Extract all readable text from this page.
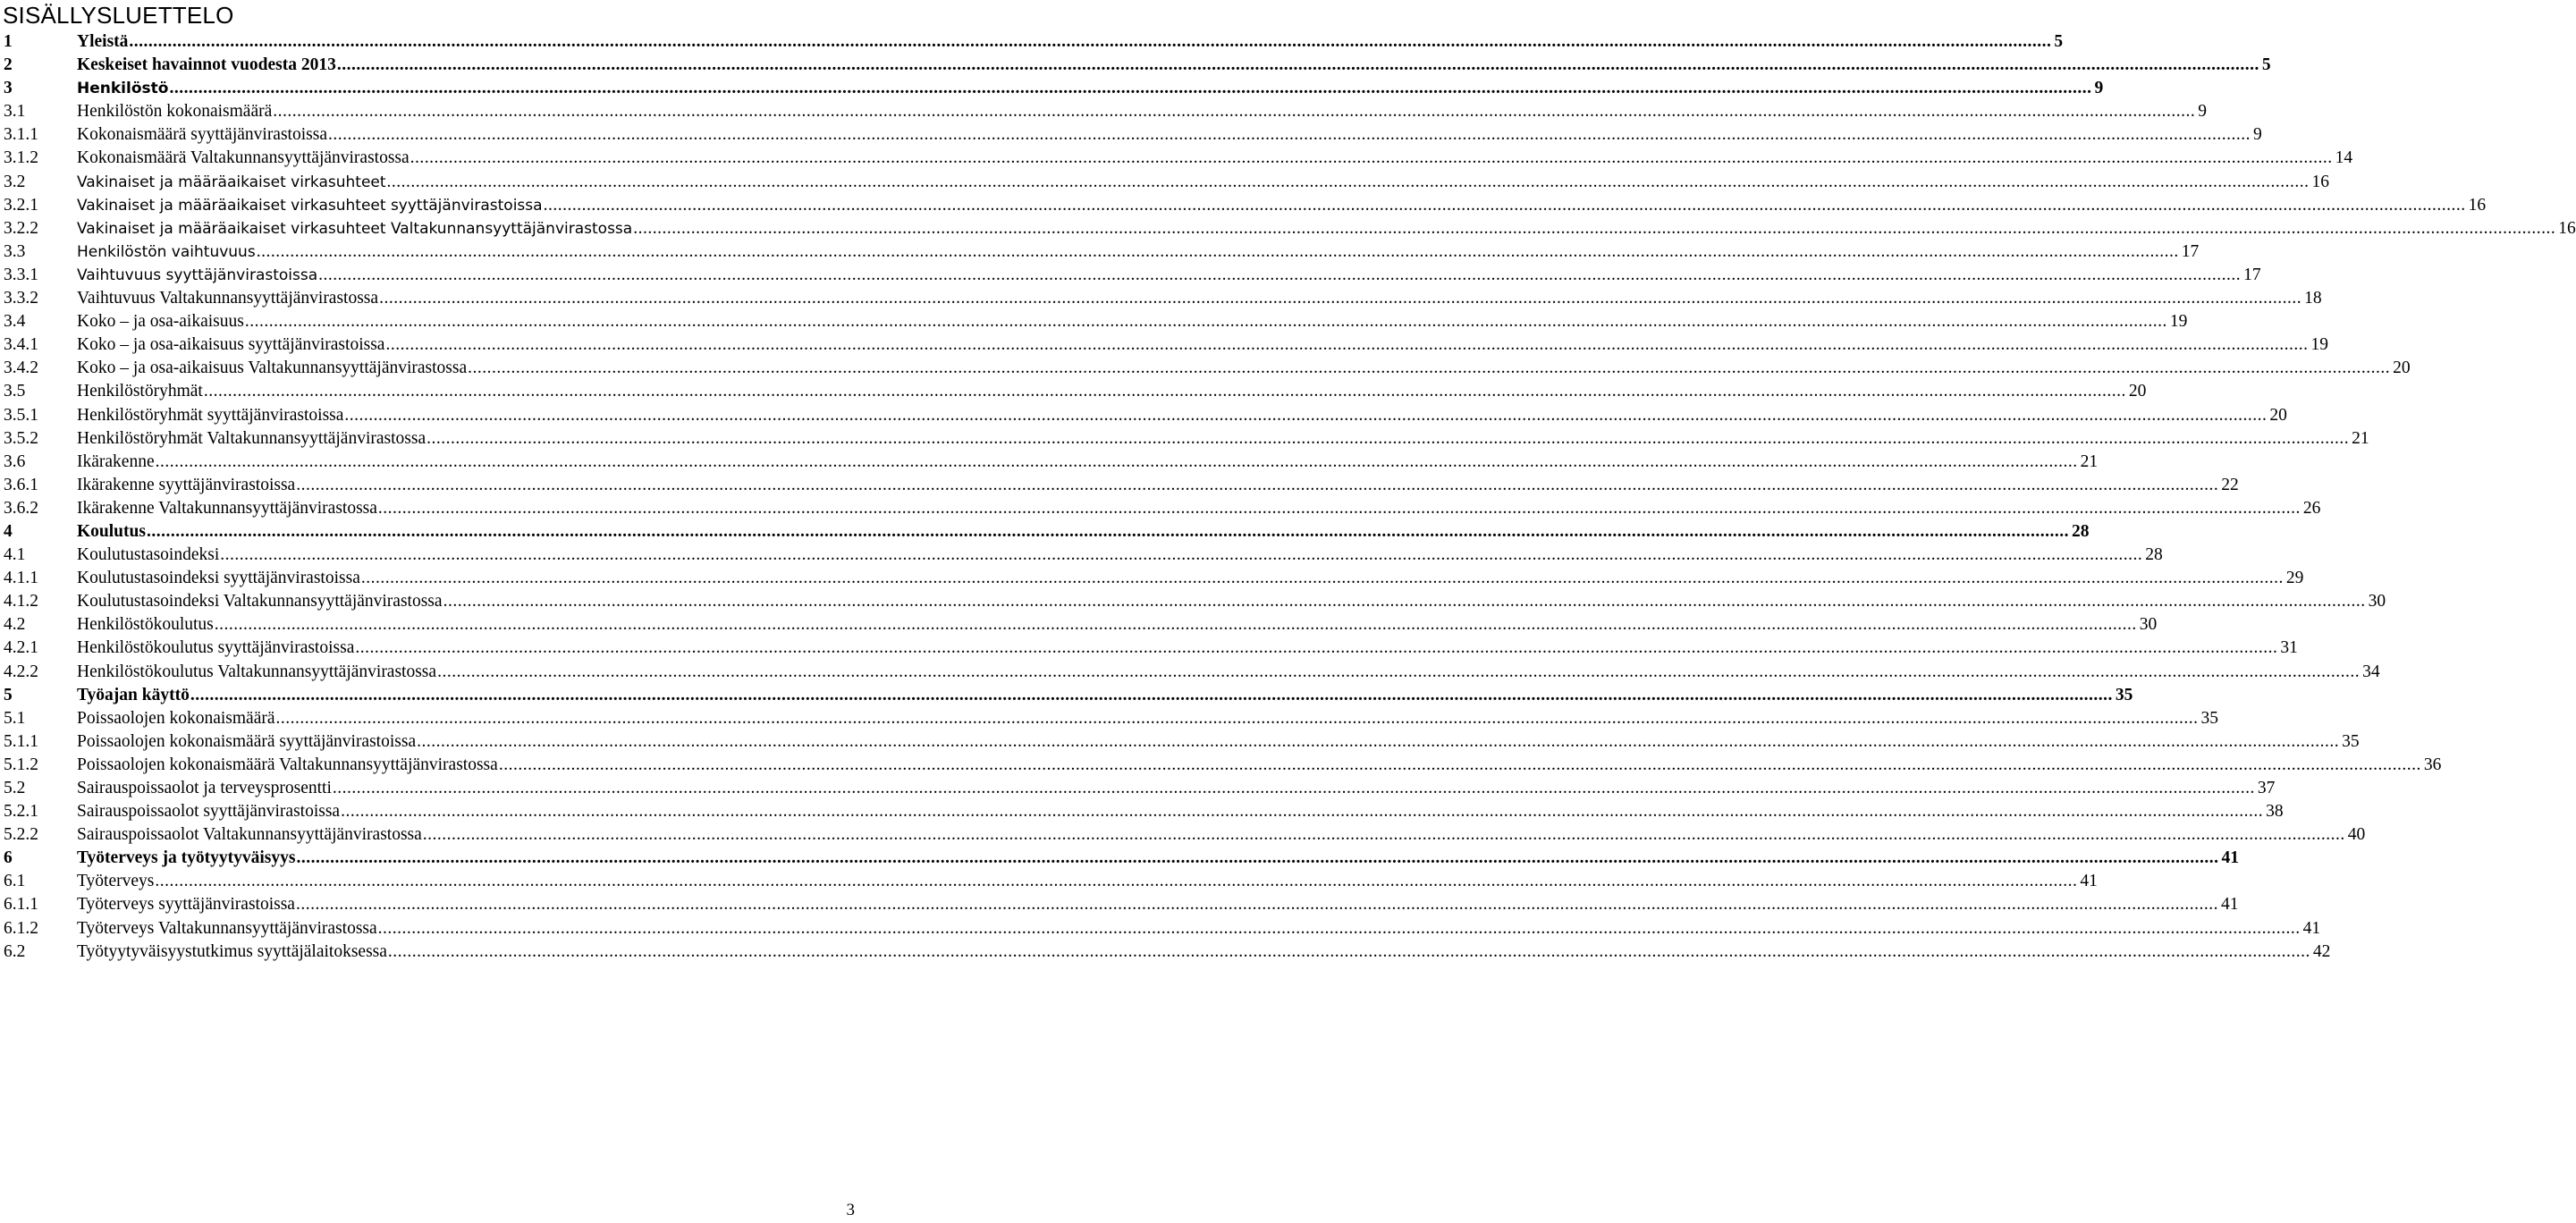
SISÄLLYSLUETTELO
1	Yleistä ................................................................................................................................................................................................................................................................................................................................................................................................................ 5
2	Keskeiset havainnot vuodesta 2013 ................................................................................................................................................................................................................................................................................................................................................................................................................ 5
3	Henkilöstö ................................................................................................................................................................................................................................................................................................................................................................................................................ 9
3.1	Henkilöstön kokonaismäärä ................................................................................................................................................................................................................................................................................................................................................................................................................ 9
3.1.1 Kokonaismäärä syyttäjänvirastoissa ................................................................................................................................................................................................................................................................................................................................................................................................................ 9
3.1.2 Kokonaismäärä Valtakunnansyyttäjänvirastossa ................................................................................................................................................................................................................................................................................................................................................................................................................ 14
3.2	Vakinaiset ja määräaikaiset virkasuhteet ................................................................................................................................................................................................................................................................................................................................................................................................................ 16
3.2.1	Vakinaiset ja määräaikaiset virkasuhteet syyttäjänvirastoissa ................................................................................................................................................................................................................................................................................................................................................................................................................ 16
3.2.2	Vakinaiset ja määräaikaiset virkasuhteet Valtakunnansyyttäjänvirastossa ................................................................................................................................................................................................................................................................................................................................................................................................................ 16
3.3	Henkilöstön vaihtuvuus ................................................................................................................................................................................................................................................................................................................................................................................................................ 17
3.3.1	Vaihtuvuus syyttäjänvirastoissa ................................................................................................................................................................................................................................................................................................................................................................................................................ 17
3.3.2 Vaihtuvuus Valtakunnansyyttäjänvirastossa ................................................................................................................................................................................................................................................................................................................................................................................................................ 18
3.4	Koko – ja osa-aikaisuus ................................................................................................................................................................................................................................................................................................................................................................................................................ 19
3.4.1 Koko – ja osa-aikaisuus syyttäjänvirastoissa ................................................................................................................................................................................................................................................................................................................................................................................................................ 19
3.4.2 Koko – ja osa-aikaisuus Valtakunnansyyttäjänvirastossa ................................................................................................................................................................................................................................................................................................................................................................................................................ 20
3.5	Henkilöstöryhmät ................................................................................................................................................................................................................................................................................................................................................................................................................ 20
3.5.1 Henkilöstöryhmät syyttäjänvirastoissa ................................................................................................................................................................................................................................................................................................................................................................................................................ 20
3.5.2 Henkilöstöryhmät Valtakunnansyyttäjänvirastossa ................................................................................................................................................................................................................................................................................................................................................................................................................ 21
3.6	Ikärakenne ................................................................................................................................................................................................................................................................................................................................................................................................................ 21
3.6.1 Ikärakenne syyttäjänvirastoissa ................................................................................................................................................................................................................................................................................................................................................................................................................ 22
3.6.2 Ikärakenne Valtakunnansyyttäjänvirastossa ................................................................................................................................................................................................................................................................................................................................................................................................................ 26
4	Koulutus ................................................................................................................................................................................................................................................................................................................................................................................................................ 28
4.1	Koulutustasoindeksi ................................................................................................................................................................................................................................................................................................................................................................................................................ 28
4.1.1 Koulutustasoindeksi syyttäjänvirastoissa ................................................................................................................................................................................................................................................................................................................................................................................................................ 29
4.1.2 Koulutustasoindeksi Valtakunnansyyttäjänvirastossa ................................................................................................................................................................................................................................................................................................................................................................................................................ 30
4.2	Henkilöstökoulutus ................................................................................................................................................................................................................................................................................................................................................................................................................ 30
4.2.1 Henkilöstökoulutus syyttäjänvirastoissa ................................................................................................................................................................................................................................................................................................................................................................................................................ 31
4.2.2 Henkilöstökoulutus Valtakunnansyyttäjänvirastossa ................................................................................................................................................................................................................................................................................................................................................................................................................ 34
5	Työajan käyttö ................................................................................................................................................................................................................................................................................................................................................................................................................ 35
5.1	Poissaolojen kokonaismäärä ................................................................................................................................................................................................................................................................................................................................................................................................................ 35
5.1.1 Poissaolojen kokonaismäärä syyttäjänvirastoissa ................................................................................................................................................................................................................................................................................................................................................................................................................ 35
5.1.2 Poissaolojen kokonaismäärä Valtakunnansyyttäjänvirastossa ................................................................................................................................................................................................................................................................................................................................................................................................................ 36
5.2	Sairauspoissaolot ja terveysprosentti ................................................................................................................................................................................................................................................................................................................................................................................................................ 37
5.2.1 Sairauspoissaolot syyttäjänvirastoissa ................................................................................................................................................................................................................................................................................................................................................................................................................ 38
5.2.2 Sairauspoissaolot Valtakunnansyyttäjänvirastossa ................................................................................................................................................................................................................................................................................................................................................................................................................ 40
6	Työterveys ja työtyytyväisyys ................................................................................................................................................................................................................................................................................................................................................................................................................ 41
6.1	Työterveys ................................................................................................................................................................................................................................................................................................................................................................................................................ 41
6.1.1 Työterveys syyttäjänvirastoissa ................................................................................................................................................................................................................................................................................................................................................................................................................ 41
6.1.2 Työterveys Valtakunnansyyttäjänvirastossa ................................................................................................................................................................................................................................................................................................................................................................................................................ 41
6.2	Työtyytyväisyystutkimus syyttäjälaitoksessa ................................................................................................................................................................................................................................................................................................................................................................................................................ 42
3
